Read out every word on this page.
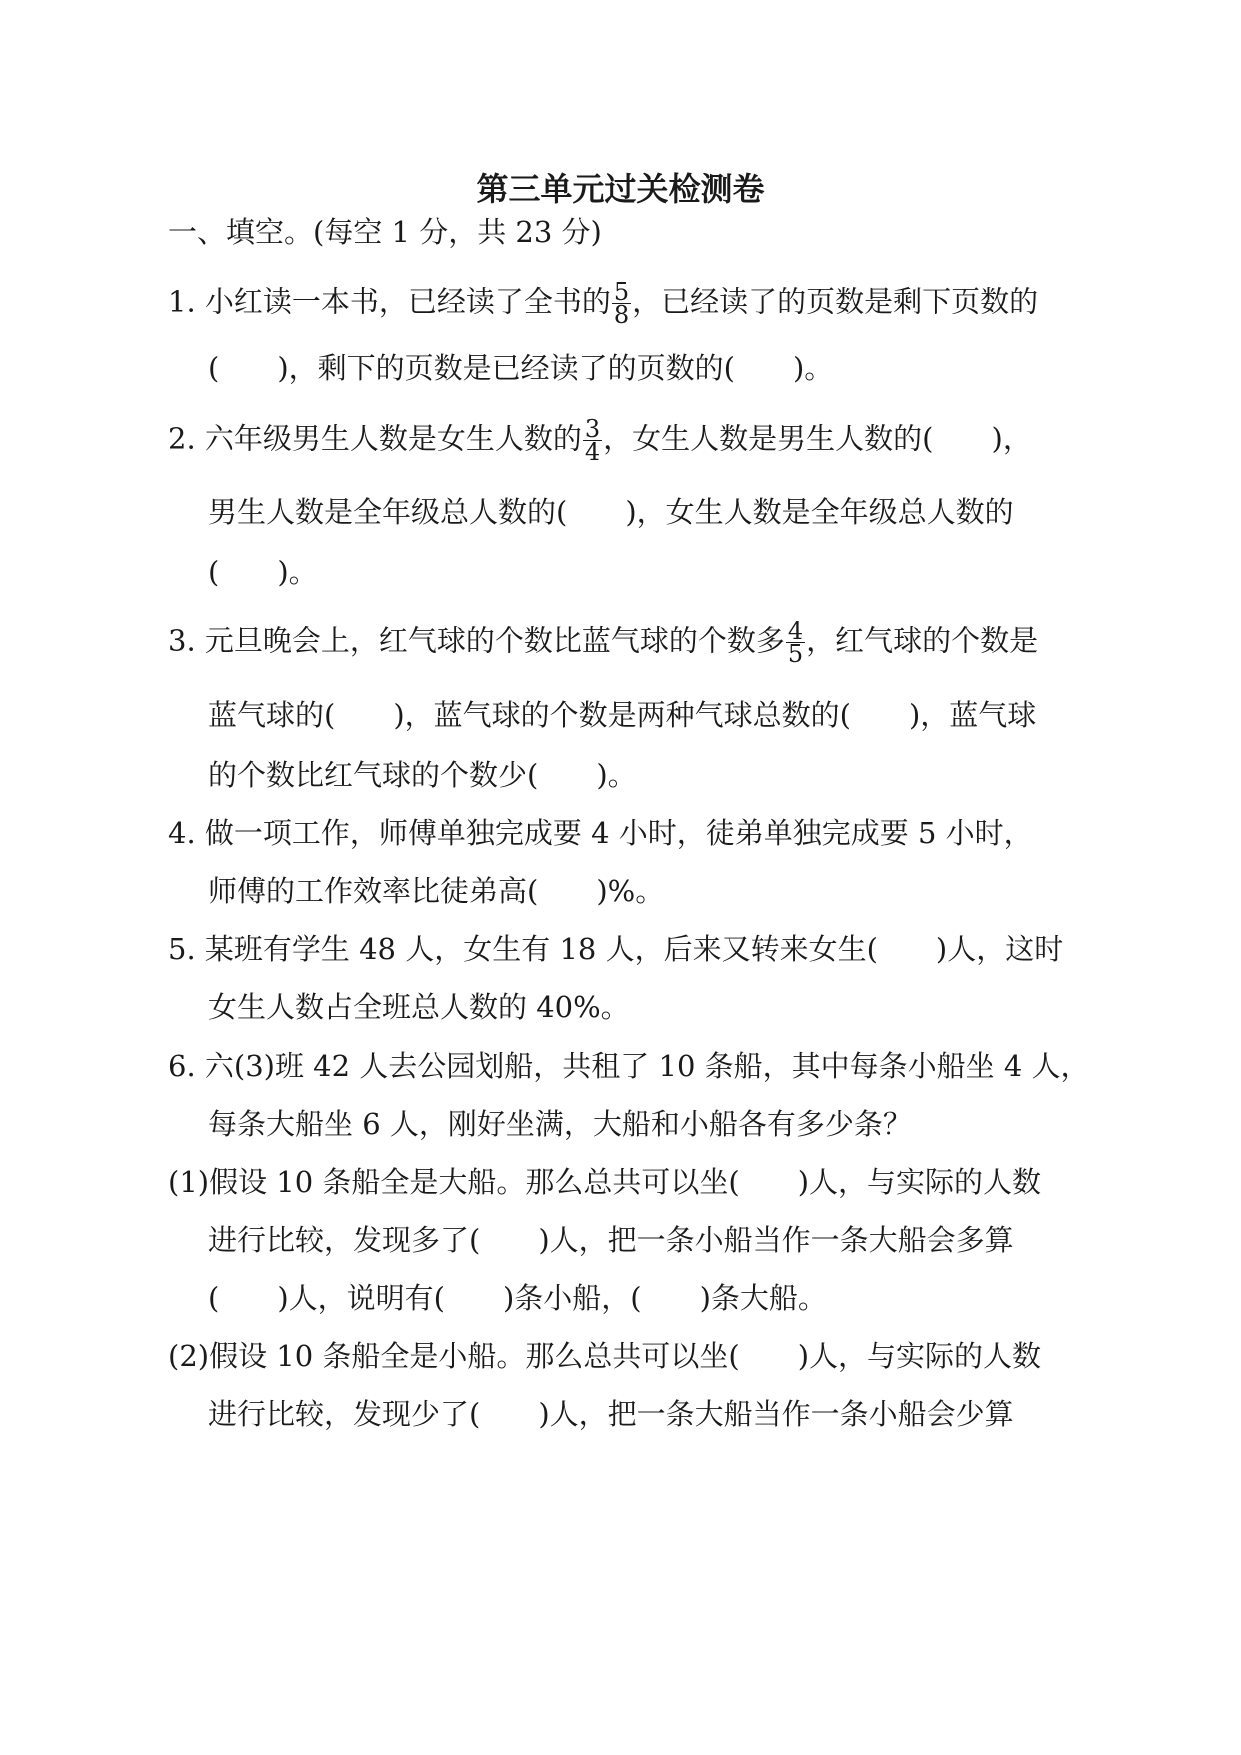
第三单元过关检测卷
一、填空。(每空 1 分，共 23 分)
1. 小红读一本书，已经读了全书的 $\frac{5}{8}$ ，已经读了的页数是剩下页数的
( )，剩下的页数是已经读了的页数的( )。
2. 六年级男生人数是女生人数的 $\frac{3}{4}$ ，女生人数是男生人数的( )，
男生人数是全年级总人数的( )，女生人数是全年级总人数的
( )。
3. 元旦晚会上，红气球的个数比蓝气球的个数多 $\frac{4}{5}$ ，红气球的个数是
蓝气球的( )，蓝气球的个数是两种气球总数的( )，蓝气球
的个数比红气球的个数少( )。
4. 做一项工作，师傅单独完成要 4 小时，徒弟单独完成要 5 小时，
师傅的工作效率比徒弟高( )%。
5. 某班有学生 48 人，女生有 18 人，后来又转来女生( )人，这时
女生人数占全班总人数的 40%。
6. 六(3)班 42 人去公园划船，共租了 10 条船，其中每条小船坐 4 人，
每条大船坐 6 人，刚好坐满，大船和小船各有多少条？
(1)假设 10 条船全是大船。那么总共可以坐( )人，与实际的人数
进行比较，发现多了( )人，把一条小船当作一条大船会多算
( )人，说明有( )条小船，( )条大船。
(2)假设 10 条船全是小船。那么总共可以坐( )人，与实际的人数
进行比较，发现少了( )人，把一条大船当作一条小船会少算
